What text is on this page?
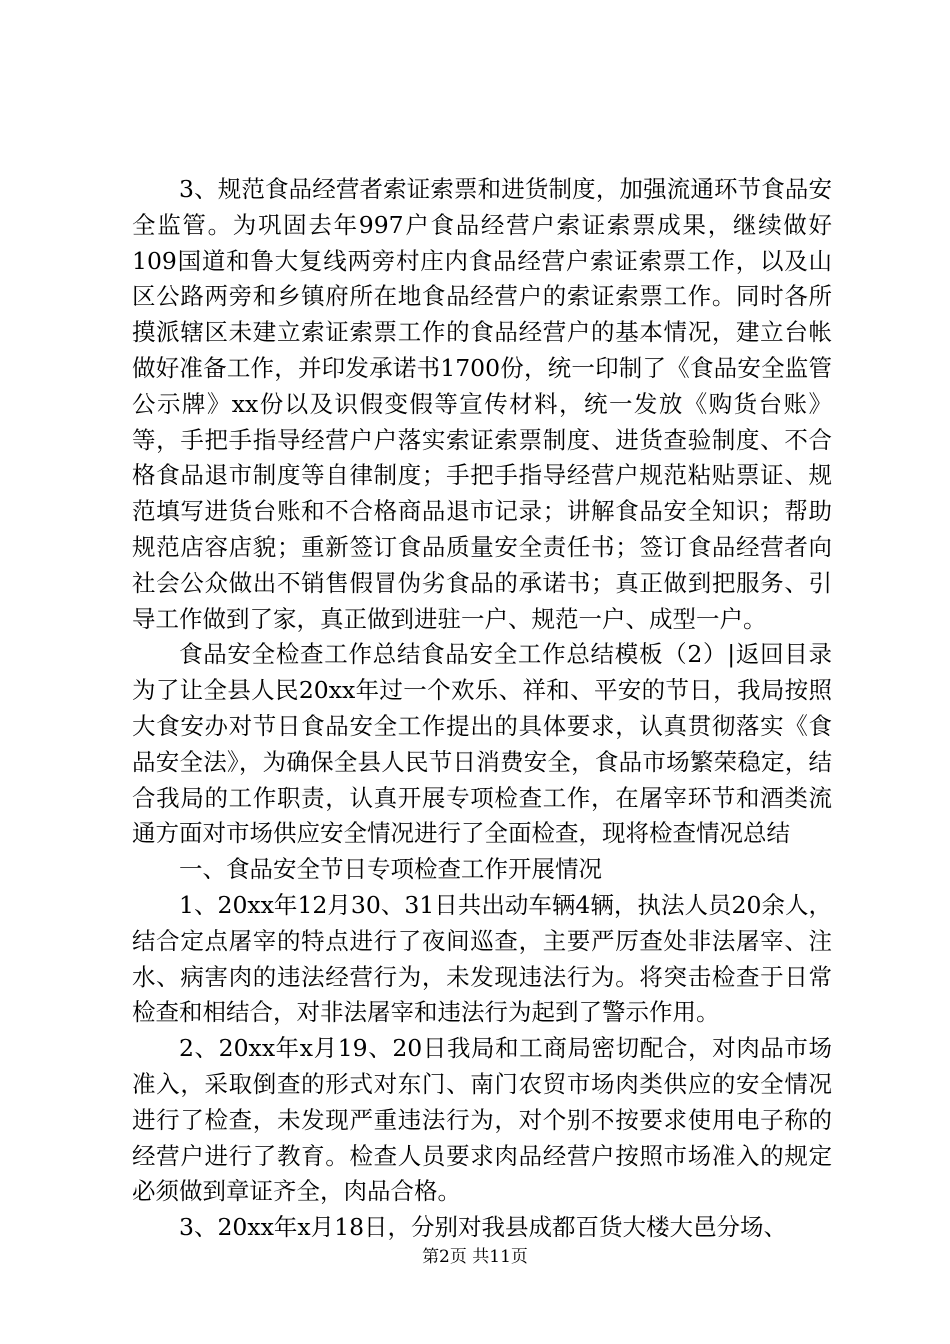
3、规范食品经营者索证索票和进货制度，加强流通环节食品安全监管。为巩固去年997户食品经营户索证索票成果，继续做好109国道和鲁大复线两旁村庄内食品经营户索证索票工作，以及山区公路两旁和乡镇府所在地食品经营户的索证索票工作。同时各所摸派辖区未建立索证索票工作的食品经营户的基本情况，建立台帐做好准备工作，并印发承诺书1700份，统一印制了《食品安全监管公示牌》xx份以及识假变假等宣传材料，统一发放《购货台账》等，手把手指导经营户户落实索证索票制度、进货查验制度、不合格食品退市制度等自律制度；手把手指导经营户规范粘贴票证、规范填写进货台账和不合格商品退市记录；讲解食品安全知识；帮助规范店容店貌；重新签订食品质量安全责任书；签订食品经营者向社会公众做出不销售假冒伪劣食品的承诺书；真正做到把服务、引导工作做到了家，真正做到进驻一户、规范一户、成型一户。

食品安全检查工作总结食品安全工作总结模板（2）|返回目录为了让全县人民20xx年过一个欢乐、祥和、平安的节日，我局按照大食安办对节日食品安全工作提出的具体要求，认真贯彻落实《食品安全法》，为确保全县人民节日消费安全，食品市场繁荣稳定，结合我局的工作职责，认真开展专项检查工作，在屠宰环节和酒类流通方面对市场供应安全情况进行了全面检查，现将检查情况总结

一、食品安全节日专项检查工作开展情况

1、20xx年12月30、31日共出动车辆4辆，执法人员20余人，结合定点屠宰的特点进行了夜间巡查，主要严厉查处非法屠宰、注水、病害肉的违法经营行为，未发现违法行为。将突击检查于日常检查和相结合，对非法屠宰和违法行为起到了警示作用。

2、20xx年x月19、20日我局和工商局密切配合，对肉品市场准入，采取倒查的形式对东门、南门农贸市场肉类供应的安全情况进行了检查，未发现严重违法行为，对个别不按要求使用电子称的经营户进行了教育。检查人员要求肉品经营户按照市场准入的规定必须做到章证齐全，肉品合格。

3、20xx年x月18日，分别对我县成都百货大楼大邑分场、

第2页 共11页
